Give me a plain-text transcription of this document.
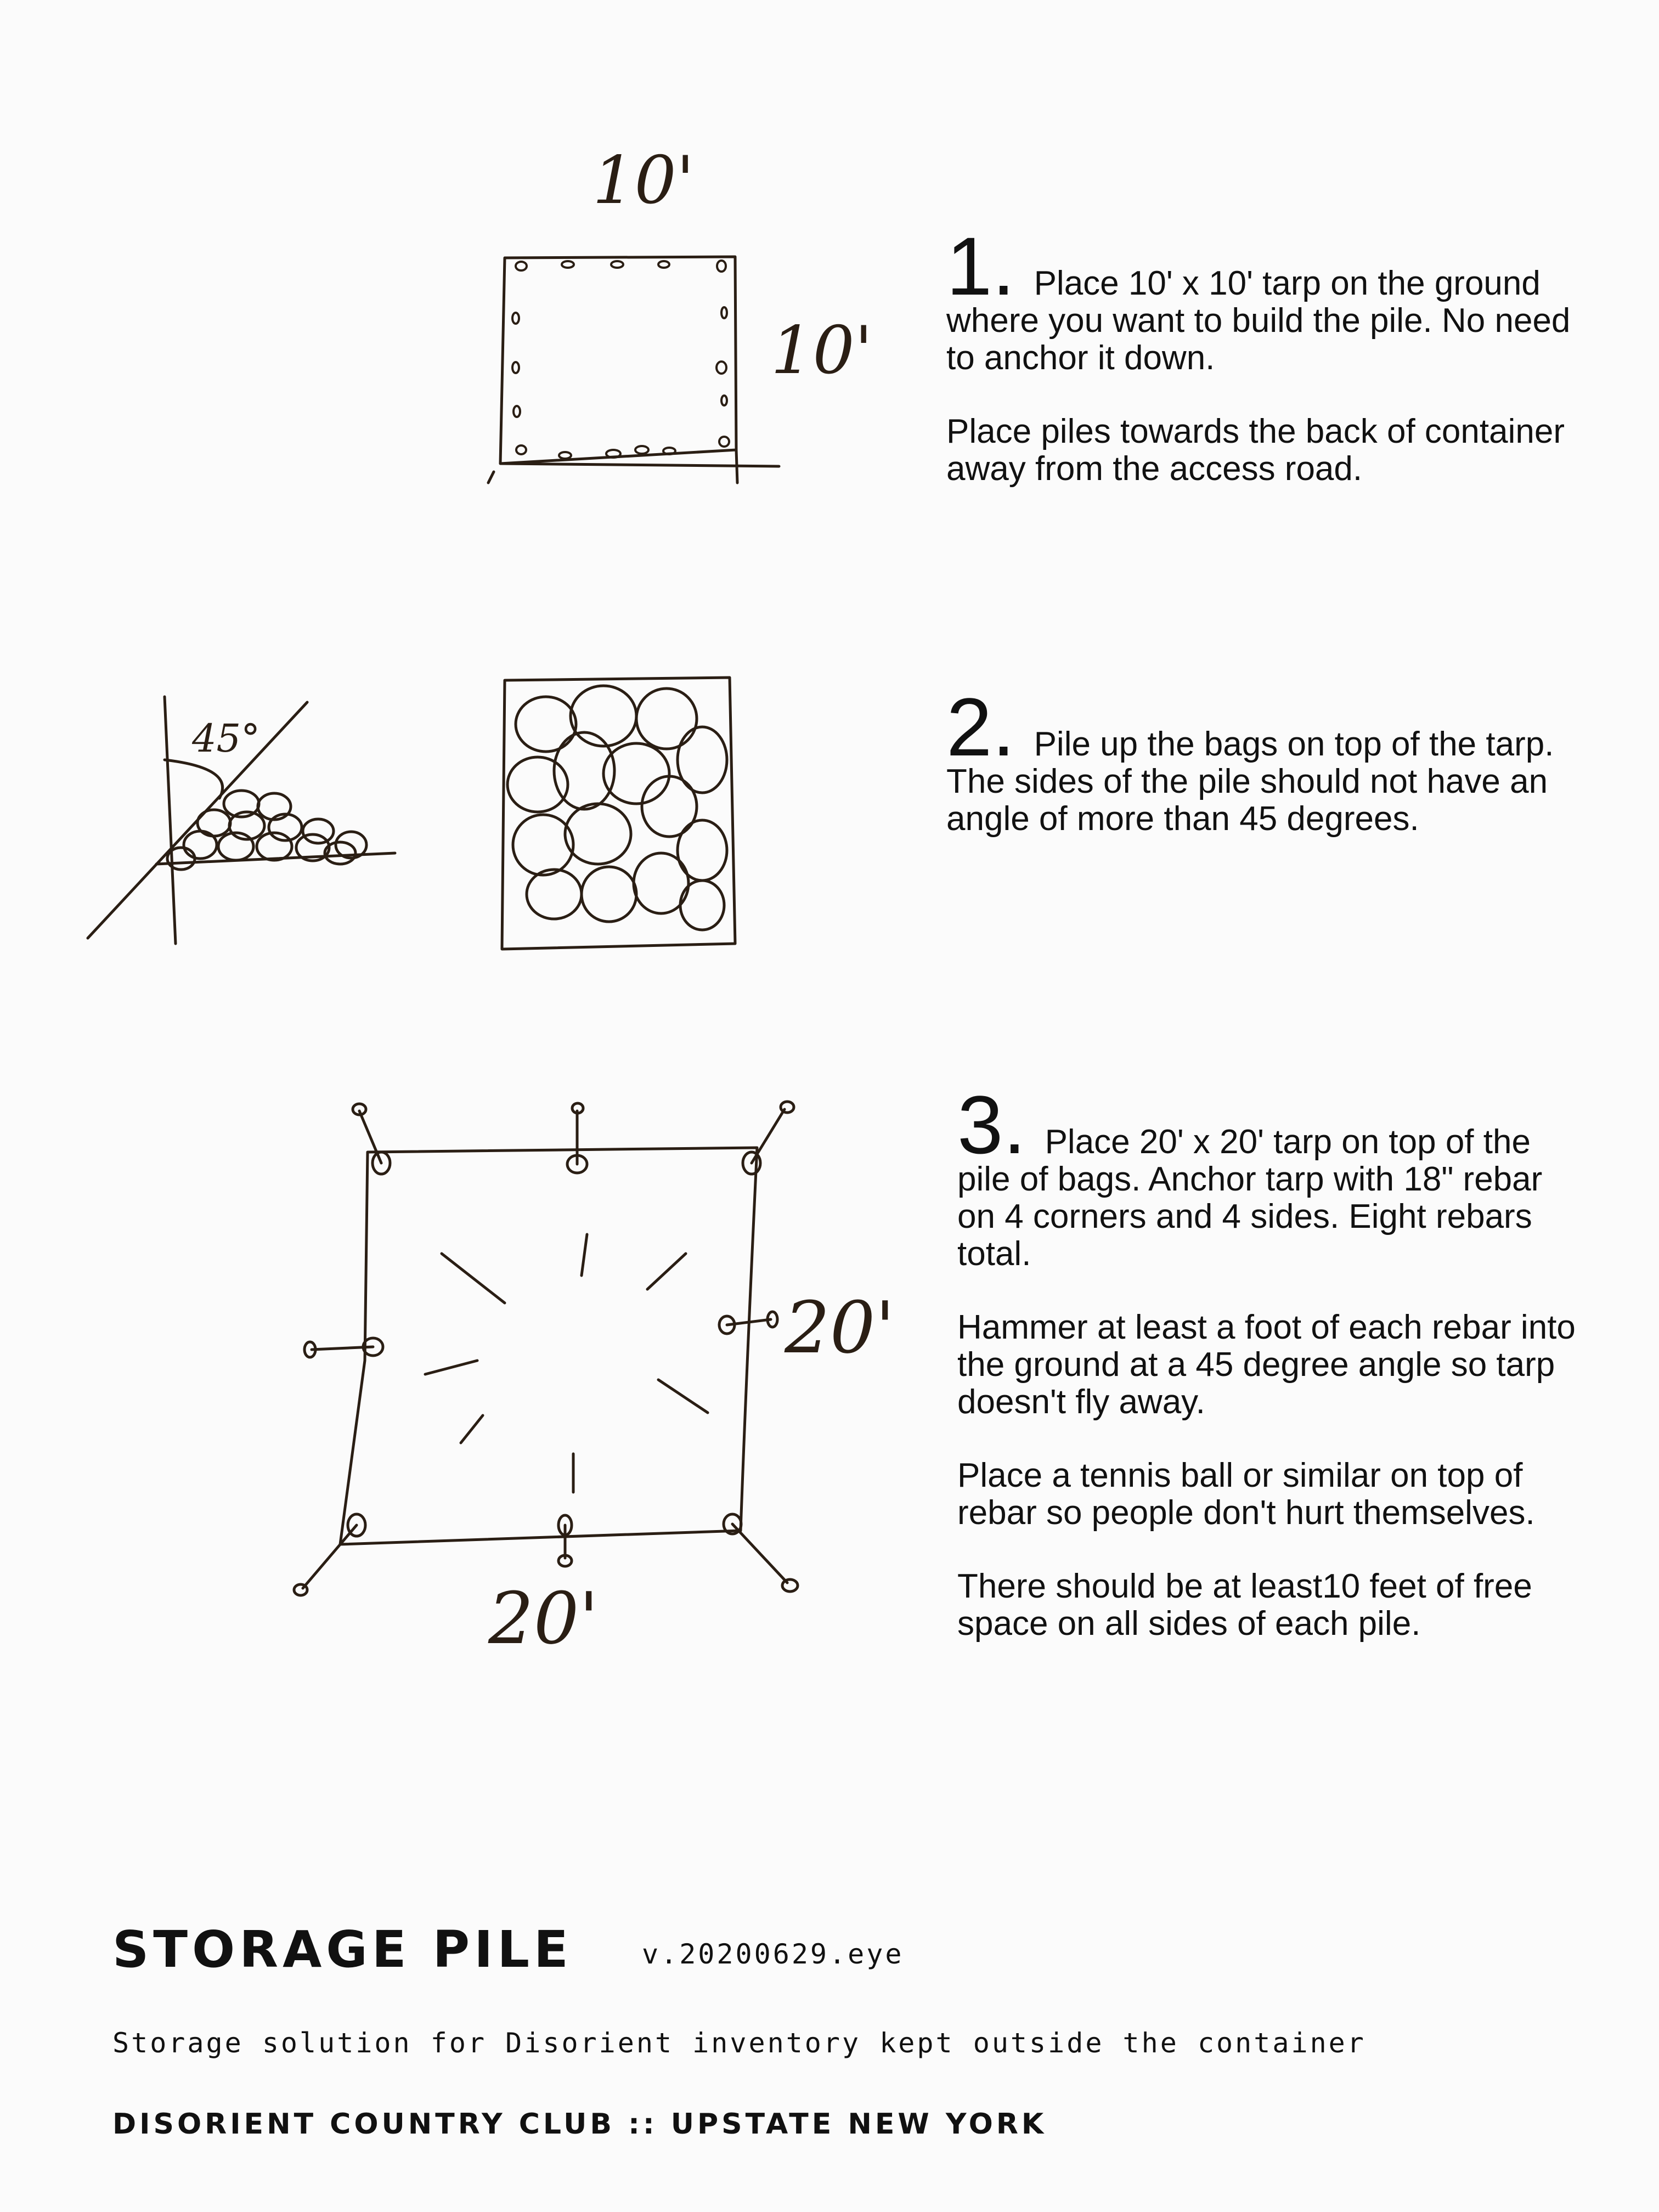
10'
10'
45°
20'
20'

1. Place 10' x 10' tarp on the ground where you want to build the pile. No need to anchor it down.

Place piles towards the back of container away from the access road.

2. Pile up the bags on top of the tarp. The sides of the pile should not have an angle of more than 45 degrees.

3. Place 20' x 20' tarp on top of the pile of bags. Anchor tarp with 18" rebar on 4 corners and 4 sides. Eight rebars total.

Hammer at least a foot of each rebar into the ground at a 45 degree angle so tarp doesn't fly away.

Place a tennis ball or similar on top of rebar so people don't hurt themselves.

There should be at least10 feet of free space on all sides of each pile.

STORAGE PILE	v.20200629.eye
Storage solution for Disorient inventory kept outside the container
DISORIENT COUNTRY CLUB :: UPSTATE NEW YORK
